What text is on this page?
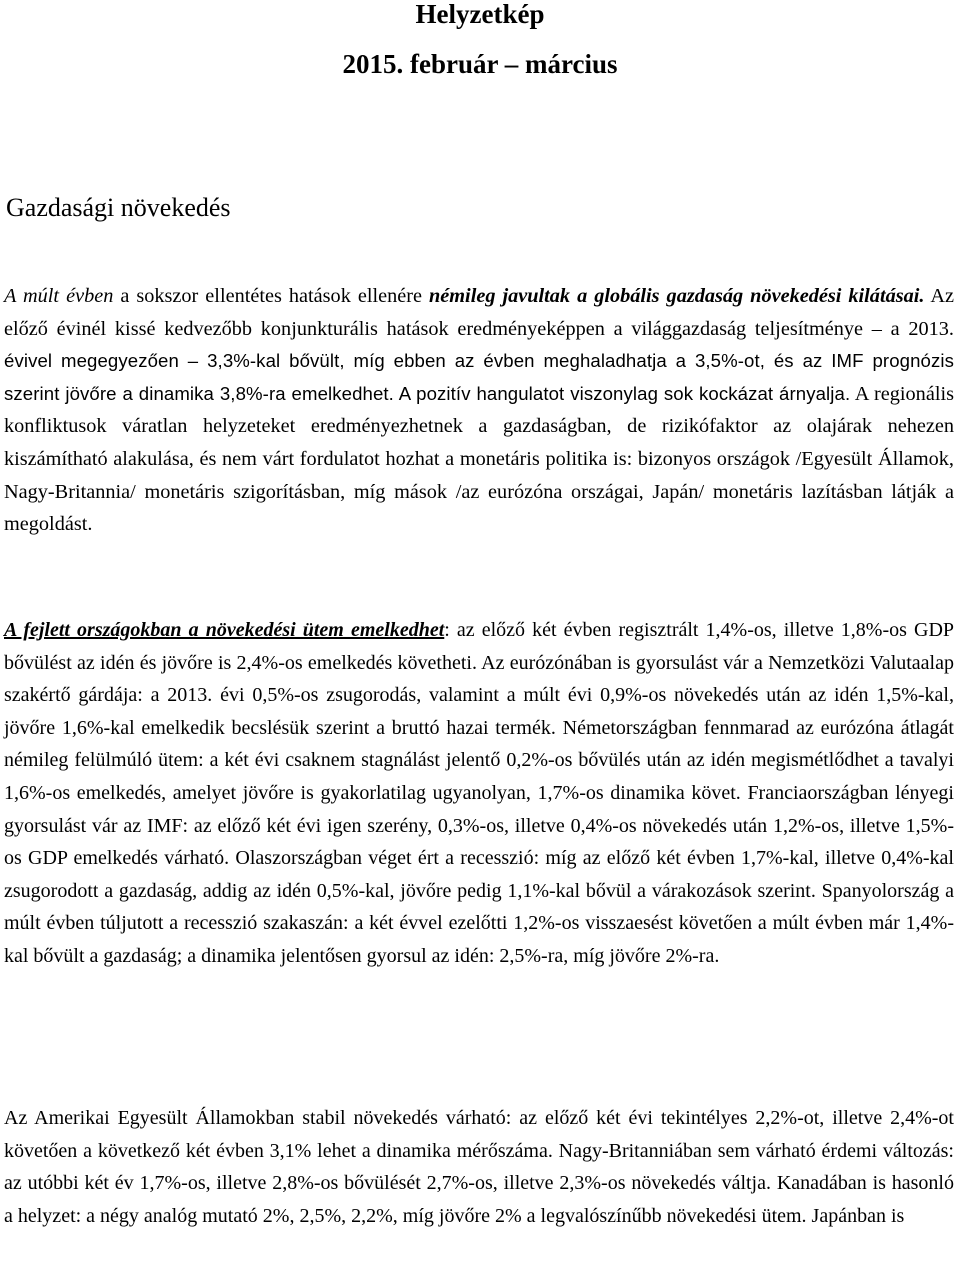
Helyzetkép
2015. február – március
Gazdasági növekedés

A múlt évben a sokszor ellentétes hatások ellenére némileg javultak a globális gazdaság növekedési kilátásai. Az előző évinél kissé kedvezőbb konjunkturális hatások eredményeképpen a világgazdaság teljesítménye – a 2013. évivel megegyezően – 3,3%-kal bővült, míg ebben az évben meghaladhatja a 3,5%-ot, és az IMF prognózis szerint jövőre a dinamika 3,8%-ra emelkedhet. A pozitív hangulatot viszonylag sok kockázat árnyalja. A regionális konfliktusok váratlan helyzeteket eredményezhetnek a gazdaságban, de rizikófaktor az olajárak nehezen kiszámítható alakulása, és nem várt fordulatot hozhat a monetáris politika is: bizonyos országok /Egyesült Államok, Nagy-Britannia/ monetáris szigorításban, míg mások /az eurózóna országai, Japán/ monetáris lazításban látják a megoldást.

A fejlett országokban a növekedési ütem emelkedhet: az előző két évben regisztrált 1,4%-os, illetve 1,8%-os GDP bővülést az idén és jövőre is 2,4%-os emelkedés követheti. Az eurózónában is gyorsulást vár a Nemzetközi Valutaalap szakértő gárdája: a 2013. évi 0,5%-os zsugorodás, valamint a múlt évi 0,9%-os növekedés után az idén 1,5%-kal, jövőre 1,6%-kal emelkedik becslésük szerint a bruttó hazai termék. Németországban fennmarad az eurózóna átlagát némileg felülmúló ütem: a két évi csaknem stagnálást jelentő 0,2%-os bővülés után az idén megismétlődhet a tavalyi 1,6%-os emelkedés, amelyet jövőre is gyakorlatilag ugyanolyan, 1,7%-os dinamika követ. Franciaországban lényegi gyorsulást vár az IMF: az előző két évi igen szerény, 0,3%-os, illetve 0,4%-os növekedés után 1,2%-os, illetve 1,5%-os GDP emelkedés várható. Olaszországban véget ért a recesszió: míg az előző két évben 1,7%-kal, illetve 0,4%-kal zsugorodott a gazdaság, addig az idén 0,5%-kal, jövőre pedig 1,1%-kal bővül a várakozások szerint. Spanyolország a múlt évben túljutott a recesszió szakaszán: a két évvel ezelőtti 1,2%-os visszaesést követően a múlt évben már 1,4%-kal bővült a gazdaság; a dinamika jelentősen gyorsul az idén: 2,5%-ra, míg jövőre 2%-ra.

Az Amerikai Egyesült Államokban stabil növekedés várható: az előző két évi tekintélyes 2,2%-ot, illetve 2,4%-ot követően a következő két évben 3,1% lehet a dinamika mérőszáma. Nagy-Britanniában sem várható érdemi változás: az utóbbi két év 1,7%-os, illetve 2,8%-os bővülését 2,7%-os, illetve 2,3%-os növekedés váltja. Kanadában is hasonló a helyzet: a négy analóg mutató 2%, 2,5%, 2,2%, míg jövőre 2% a legvalószínűbb növekedési ütem. Japánban is
